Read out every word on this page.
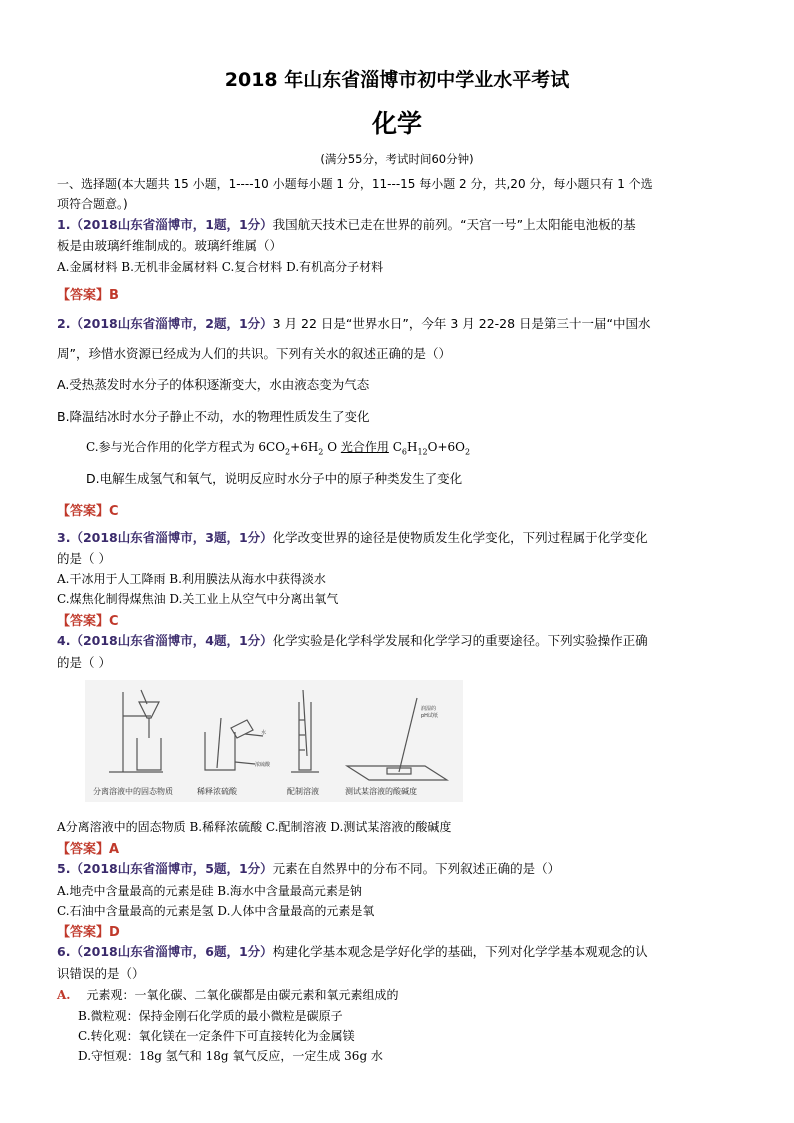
2018 年山东省淄博市初中学业水平考试
化学
(满分55分，考试时间60分钟)
一、选择题(本大题共 15 小题，1----10 小题每小题 1 分，11---15 每小题 2 分，共,20 分，每小题只有 1 个选
项符合题意。)
1.（2018山东省淄博市，1题，1分）我国航天技术已走在世界的前列。“天宫一号”上太阳能电池板的基
板是由玻璃纤维制成的。玻璃纤维属（）
A.金属材料 B.无机非金属材料 C.复合材料 D.有机高分子材料
【答案】B
2.（2018山东省淄博市，2题，1分）3 月 22 日是“世界水日”，今年 3 月 22-28 日是第三十一届“中国水
周”，珍惜水资源已经成为人们的共识。下列有关水的叙述正确的是（）
A.受热蒸发时水分子的体积逐渐变大，水由液态变为气态
B.降温结冰时水分子静止不动，水的物理性质发生了变化
C.参与光合作用的化学方程式为 $6CO_2+6H_2$ O 光合作用 $C_6H_{12}O+6O_2$
D.电解生成氢气和氧气，说明反应时水分子中的原子种类发生了变化
【答案】C
3.（2018山东省淄博市，3题，1分）化学改变世界的途径是使物质发生化学变化，下列过程属于化学变化
的是（ ）
A.干冰用于人工降雨 B.利用膜法从海水中获得淡水
C.煤焦化制得煤焦油 D.关工业上从空气中分离出氧气
【答案】C
4.（2018山东省淄博市，4题，1分）化学实验是化学科学发展和化学学习的重要途径。下列实验操作正确
的是（ ）
分离溶液中的固态物质	稀释浓硫酸	配制溶液	测试某溶液的酸碱度
水
浓硫酸
润湿的
pH试纸
A分离溶液中的固态物质 B.稀释浓硫酸 C.配制溶液 D.测试某溶液的酸碱度
【答案】A
5.（2018山东省淄博市，5题，1分）元素在自然界中的分布不同。下列叙述正确的是（）
A.地壳中含量最高的元素是硅 B.海水中含量最高元素是钠
C.石油中含量最高的元素是氢 D.人体中含量最高的元素是氧
【答案】D
6.（2018山东省淄博市，6题，1分）构建化学基本观念是学好化学的基础，下列对化学学基本观观念的认
识错误的是（）
A. 元素观：一氧化碳、二氧化碳都是由碳元素和氧元素组成的
B.微粒观：保持金刚石化学质的最小微粒是碳原子
C.转化观：氧化镁在一定条件下可直接转化为金属镁
D.守恒观：18g 氢气和 18g 氧气反应，一定生成 36g 水
